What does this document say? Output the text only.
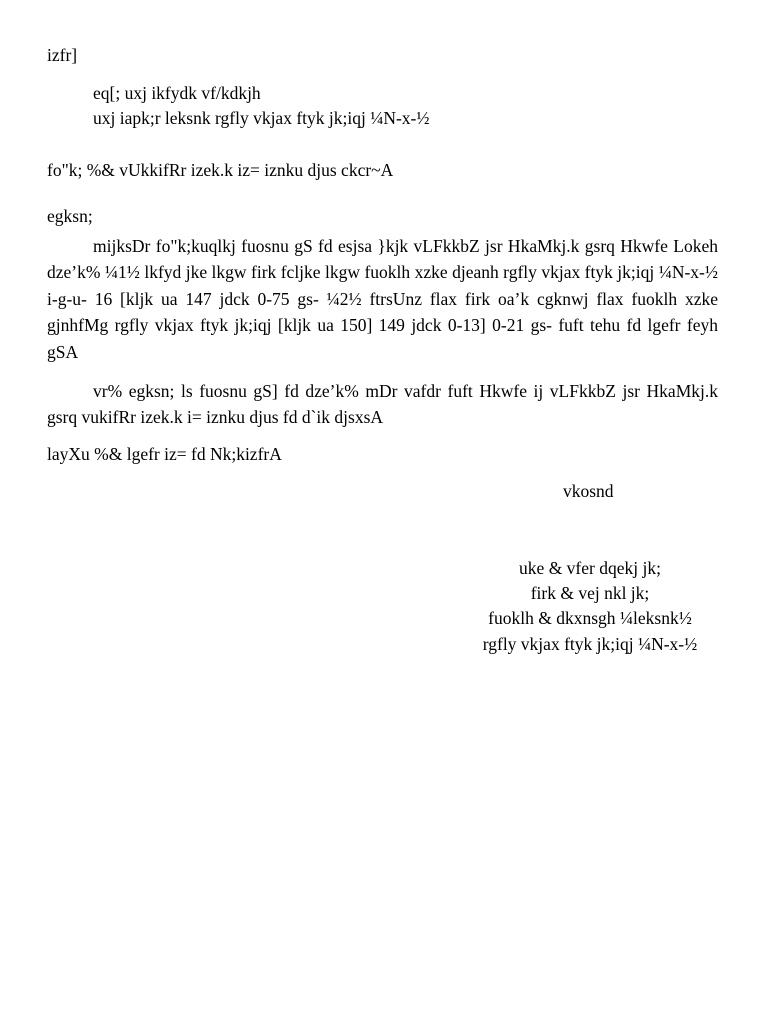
izfr]
eq[; uxj ikfydk vf/kdkjh
uxj iapk;r leksnk rgfly vkjax ftyk jk;iqj ¼N-x-½
fo"k; %& vUkkifRr izek.k iz= iznku djus ckcr~A
egksn;
mijksDr fo"k;kuqlkj fuosnu gS fd esjsa }kjk vLFkkbZ jsr HkaMkj.k gsrq Hkwfe Lokeh dze’k% ¼1½ lkfyd jke lkgw firk fcljke lkgw fuoklh xzke djeanh rgfly vkjax ftyk jk;iqj ¼N-x-½ i-g-u- 16 [kljk ua 147 jdck 0-75 gs- ¼2½ ftrsUnz flax firk oa’k cgknwj flax fuoklh xzke gjnhfMg rgfly vkjax ftyk jk;iqj [kljk ua 150] 149 jdck 0-13] 0-21 gs- fuft tehu fd lgefr feyh gSA
vr% egksn; ls fuosnu gS] fd dze’k% mDr vafdr fuft Hkwfe ij vLFkkbZ jsr HkaMkj.k gsrq vukifRr izek.k i= iznku djus fd d`ik djsxsA
layXu %& lgefr iz= fd Nk;kizfrA
vkosnd
uke & vfer dqekj jk;
firk & vej nkl jk;
fuoklh & dkxnsgh ¼leksnk½
rgfly vkjax ftyk jk;iqj ¼N-x-½
